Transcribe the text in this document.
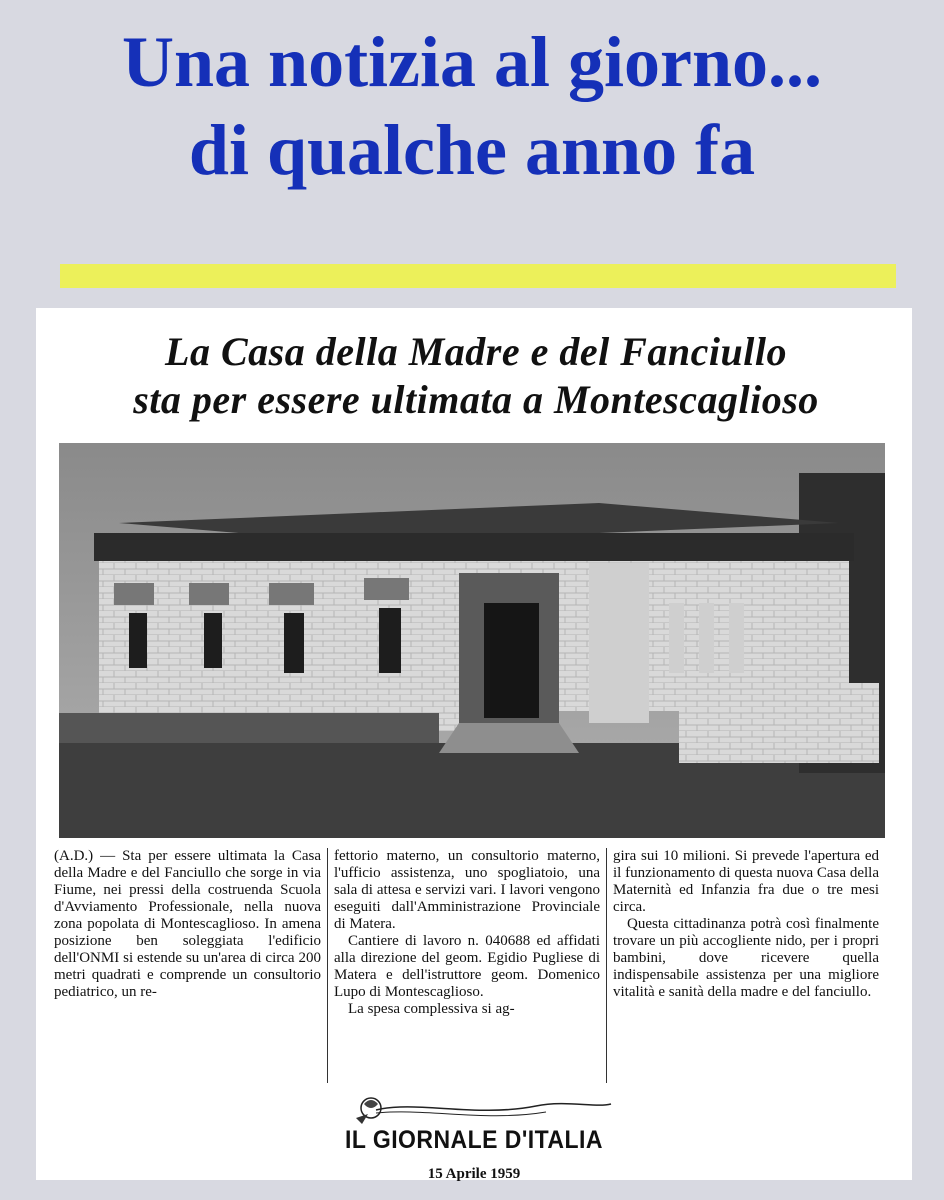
Una notizia al giorno...
di qualche anno fa
La Casa della Madre e del Fanciullo
sta per essere ultimata a Montescaglioso

(A.D.) — Sta per essere ultimata la Casa della Madre e del Fanciullo che sorge in via Fiume, nei pressi della costruenda Scuola d'Avviamento Professionale, nella nuova zona popolata di Montescaglioso. In amena posizione ben soleggiata l'edificio dell'ONMI si estende su un'area di circa 200 metri quadrati e comprende un consultorio pediatrico, un re-

fettorio materno, un consultorio materno, l'ufficio assistenza, uno spogliatoio, una sala di attesa e servizi vari. I lavori vengono eseguiti dall'Amministrazione Provinciale di Matera.

Cantiere di lavoro n. 040688 ed affidati alla direzione del geom. Egidio Pugliese di Matera e dell'istruttore geom. Domenico Lupo di Montescaglioso.

La spesa complessiva si ag-

gira sui 10 milioni. Si prevede l'apertura ed il funzionamento di questa nuova Casa della Maternità ed Infanzia fra due o tre mesi circa.

Questa cittadinanza potrà così finalmente trovare un più accogliente nido, per i propri bambini, dove ricevere quella indispensabile assistenza per una migliore vitalità e sanità della madre e del fanciullo.

IL GIORNALE D'ITALIA
15 Aprile 1959
